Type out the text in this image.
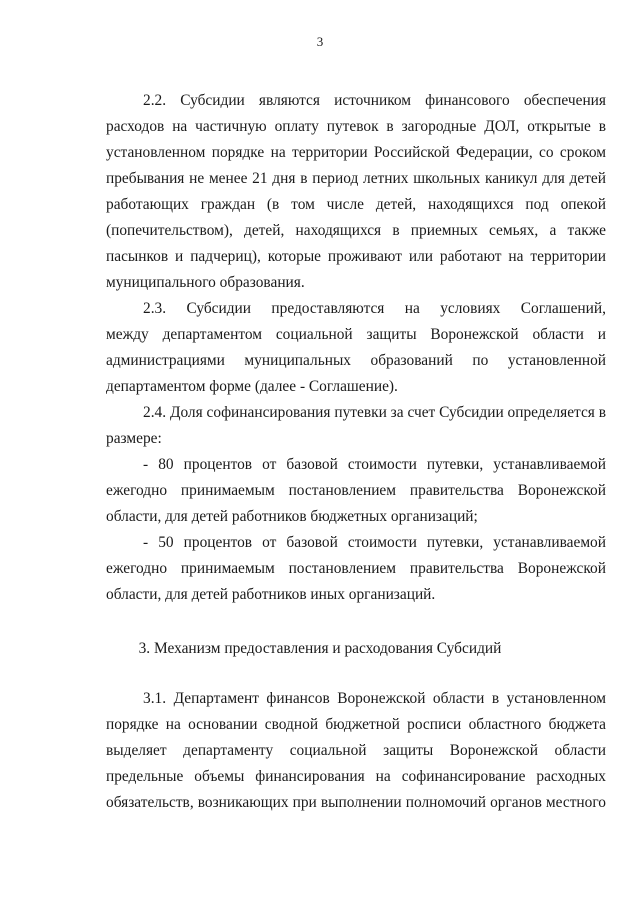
3
2.2. Субсидии являются источником финансового обеспечения
расходов на частичную оплату путевок в загородные ДОЛ, открытые в
установленном порядке на территории Российской Федерации, со сроком
пребывания не менее 21 дня в период летних школьных каникул для детей
работающих граждан (в том числе детей, находящихся под опекой
(попечительством), детей, находящихся в приемных семьях, а также
пасынков и падчериц), которые проживают или работают на территории
муниципального образования.
2.3. Субсидии предоставляются на условиях Соглашений,
между департаментом социальной защиты Воронежской области и
администрациями муниципальных образований по установленной
департаментом форме (далее - Соглашение).
2.4. Доля софинансирования путевки за счет Субсидии определяется в
размере:
- 80 процентов от базовой стоимости путевки, устанавливаемой
ежегодно принимаемым постановлением правительства Воронежской
области, для детей работников бюджетных организаций;
- 50 процентов от базовой стоимости путевки, устанавливаемой
ежегодно принимаемым постановлением правительства Воронежской
области, для детей работников иных организаций.
3. Механизм предоставления и расходования Субсидий
3.1. Департамент финансов Воронежской области в установленном
порядке на основании сводной бюджетной росписи областного бюджета
выделяет департаменту социальной защиты Воронежской области
предельные объемы финансирования на софинансирование расходных
обязательств, возникающих при выполнении полномочий органов местного
